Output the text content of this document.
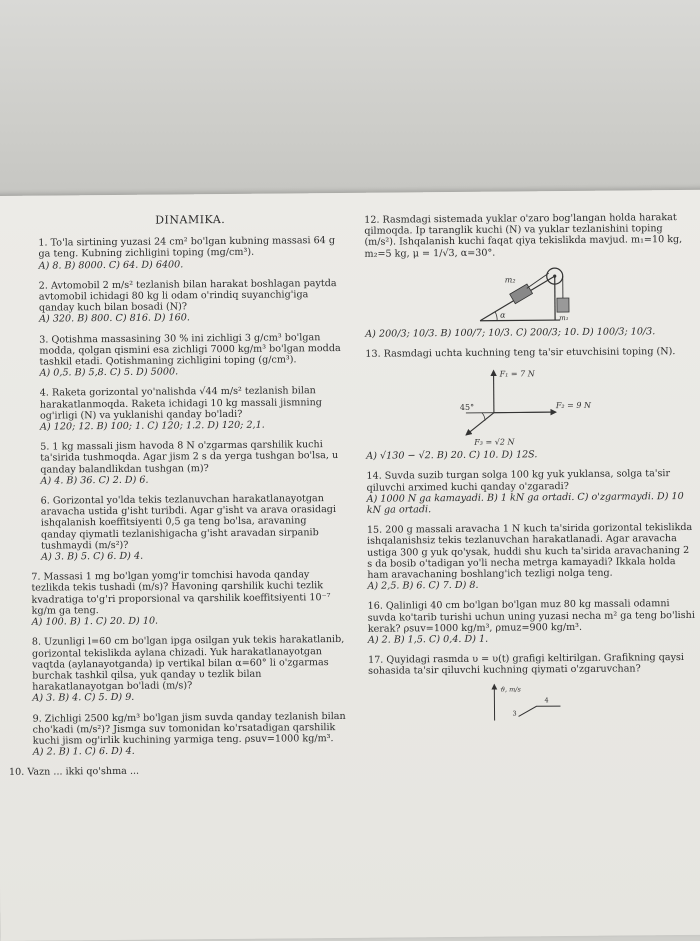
DINAMIKA.

1. To'la sirtining yuzasi 24 cm² bo'lgan kubning massasi 64 g ga teng. Kubning zichligini toping (mg/cm³).

A) 8. B) 8000. C) 64. D) 6400.

2. Avtomobil 2 m/s² tezlanish bilan harakat boshlagan paytda avtomobil ichidagi 80 kg li odam o'rindiq suyanchig'iga qanday kuch bilan bosadi (N)?

A) 320. B) 800. C) 816. D) 160.

3. Qotishma massasining 30 % ini zichligi 3 g/cm³ bo'lgan modda, qolgan qismini esa zichligi 7000 kg/m³ bo'lgan modda tashkil etadi. Qotishmaning zichligini toping (g/cm³).

A) 0,5. B) 5,8. C) 5. D) 5000.

4. Raketa gorizontal yo'nalishda √44 m/s² tezlanish bilan harakatlanmoqda. Raketa ichidagi 10 kg massali jismning og'irligi (N) va yuklanishi qanday bo'ladi?

A) 120; 12. B) 100; 1. C) 120; 1.2. D) 120; 2,1.

5. 1 kg massali jism havoda 8 N o'zgarmas qarshilik kuchi ta'sirida tushmoqda. Agar jism 2 s da yerga tushgan bo'lsa, u qanday balandlikdan tushgan (m)?

A) 4. B) 36. C) 2. D) 6.

6. Gorizontal yo'lda tekis tezlanuvchan harakatlanayotgan aravacha ustida g'isht turibdi. Agar g'isht va arava orasidagi ishqalanish koeffitsiyenti 0,5 ga teng bo'lsa, aravaning qanday qiymatli tezlanishigacha g'isht aravadan sirpanib tushmaydi (m/s²)?

A) 3. B) 5. C) 6. D) 4.

7. Massasi 1 mg bo'lgan yomg'ir tomchisi havoda qanday tezlikda tekis tushadi (m/s)? Havoning qarshilik kuchi tezlik kvadratiga to'g'ri proporsional va qarshilik koeffitsiyenti 10⁻⁷ kg/m ga teng.

A) 100. B) 1. C) 20. D) 10.

8. Uzunligi l=60 cm bo'lgan ipga osilgan yuk tekis harakatlanib, gorizontal tekislikda aylana chizadi. Yuk harakatlanayotgan vaqtda (aylanayotganda) ip vertikal bilan α=60° li o'zgarmas burchak tashkil qilsa, yuk qanday υ tezlik bilan harakatlanayotgan bo'ladi (m/s)?

A) 3. B) 4. C) 5. D) 9.

9. Zichligi 2500 kg/m³ bo'lgan jism suvda qanday tezlanish bilan cho'kadi (m/s²)? Jismga suv tomonidan ko'rsatadigan qarshilik kuchi jism og'irlik kuchining yarmiga teng. ρsuv=1000 kg/m³.

A) 2. B) 1. C) 6. D) 4.

10. Vazn ... ikki qo'shma ...

12. Rasmdagi sistemada yuklar o'zaro bog'langan holda harakat qilmoqda. Ip taranglik kuchi (N) va yuklar tezlanishini toping (m/s²). Ishqalanish kuchi faqat qiya tekislikda mavjud. m₁=10 kg, m₂=5 kg, μ = 1/√3, α=30°.

m₂
m₁
α

A) 200/3; 10/3. B) 100/7; 10/3. C) 200/3; 10. D) 100/3; 10/3.

13. Rasmdagi uchta kuchning teng ta'sir etuvchisini toping (N).

F₁ = 7 N
F₂ = 9 N
F₃ = √2 N
45°

A) √130 − √2. B) 20. C) 10. D) 12S.

14. Suvda suzib turgan solga 100 kg yuk yuklansa, solga ta'sir qiluvchi arximed kuchi qanday o'zgaradi?

A) 1000 N ga kamayadi. B) 1 kN ga ortadi. C) o'zgarmaydi. D) 10 kN ga ortadi.

15. 200 g massali aravacha 1 N kuch ta'sirida gorizontal tekislikda ishqalanishsiz tekis tezlanuvchan harakatlanadi. Agar aravacha ustiga 300 g yuk qo'ysak, huddi shu kuch ta'sirida aravachaning 2 s da bosib o'tadigan yo'li necha metrga kamayadi? Ikkala holda ham aravachaning boshlang'ich tezligi nolga teng.

A) 2,5. B) 6. C) 7. D) 8.

16. Qalinligi 40 cm bo'lgan bo'lgan muz 80 kg massali odamni suvda ko'tarib turishi uchun uning yuzasi necha m² ga teng bo'lishi kerak? ρsuv=1000 kg/m³, ρmuz=900 kg/m³.

A) 2. B) 1,5. C) 0,4. D) 1.

17. Quyidagi rasmda υ = υ(t) grafigi keltirilgan. Grafikning qaysi sohasida ta'sir qiluvchi kuchning qiymati o'zgaruvchan?

ϑ, m/s
4
3
